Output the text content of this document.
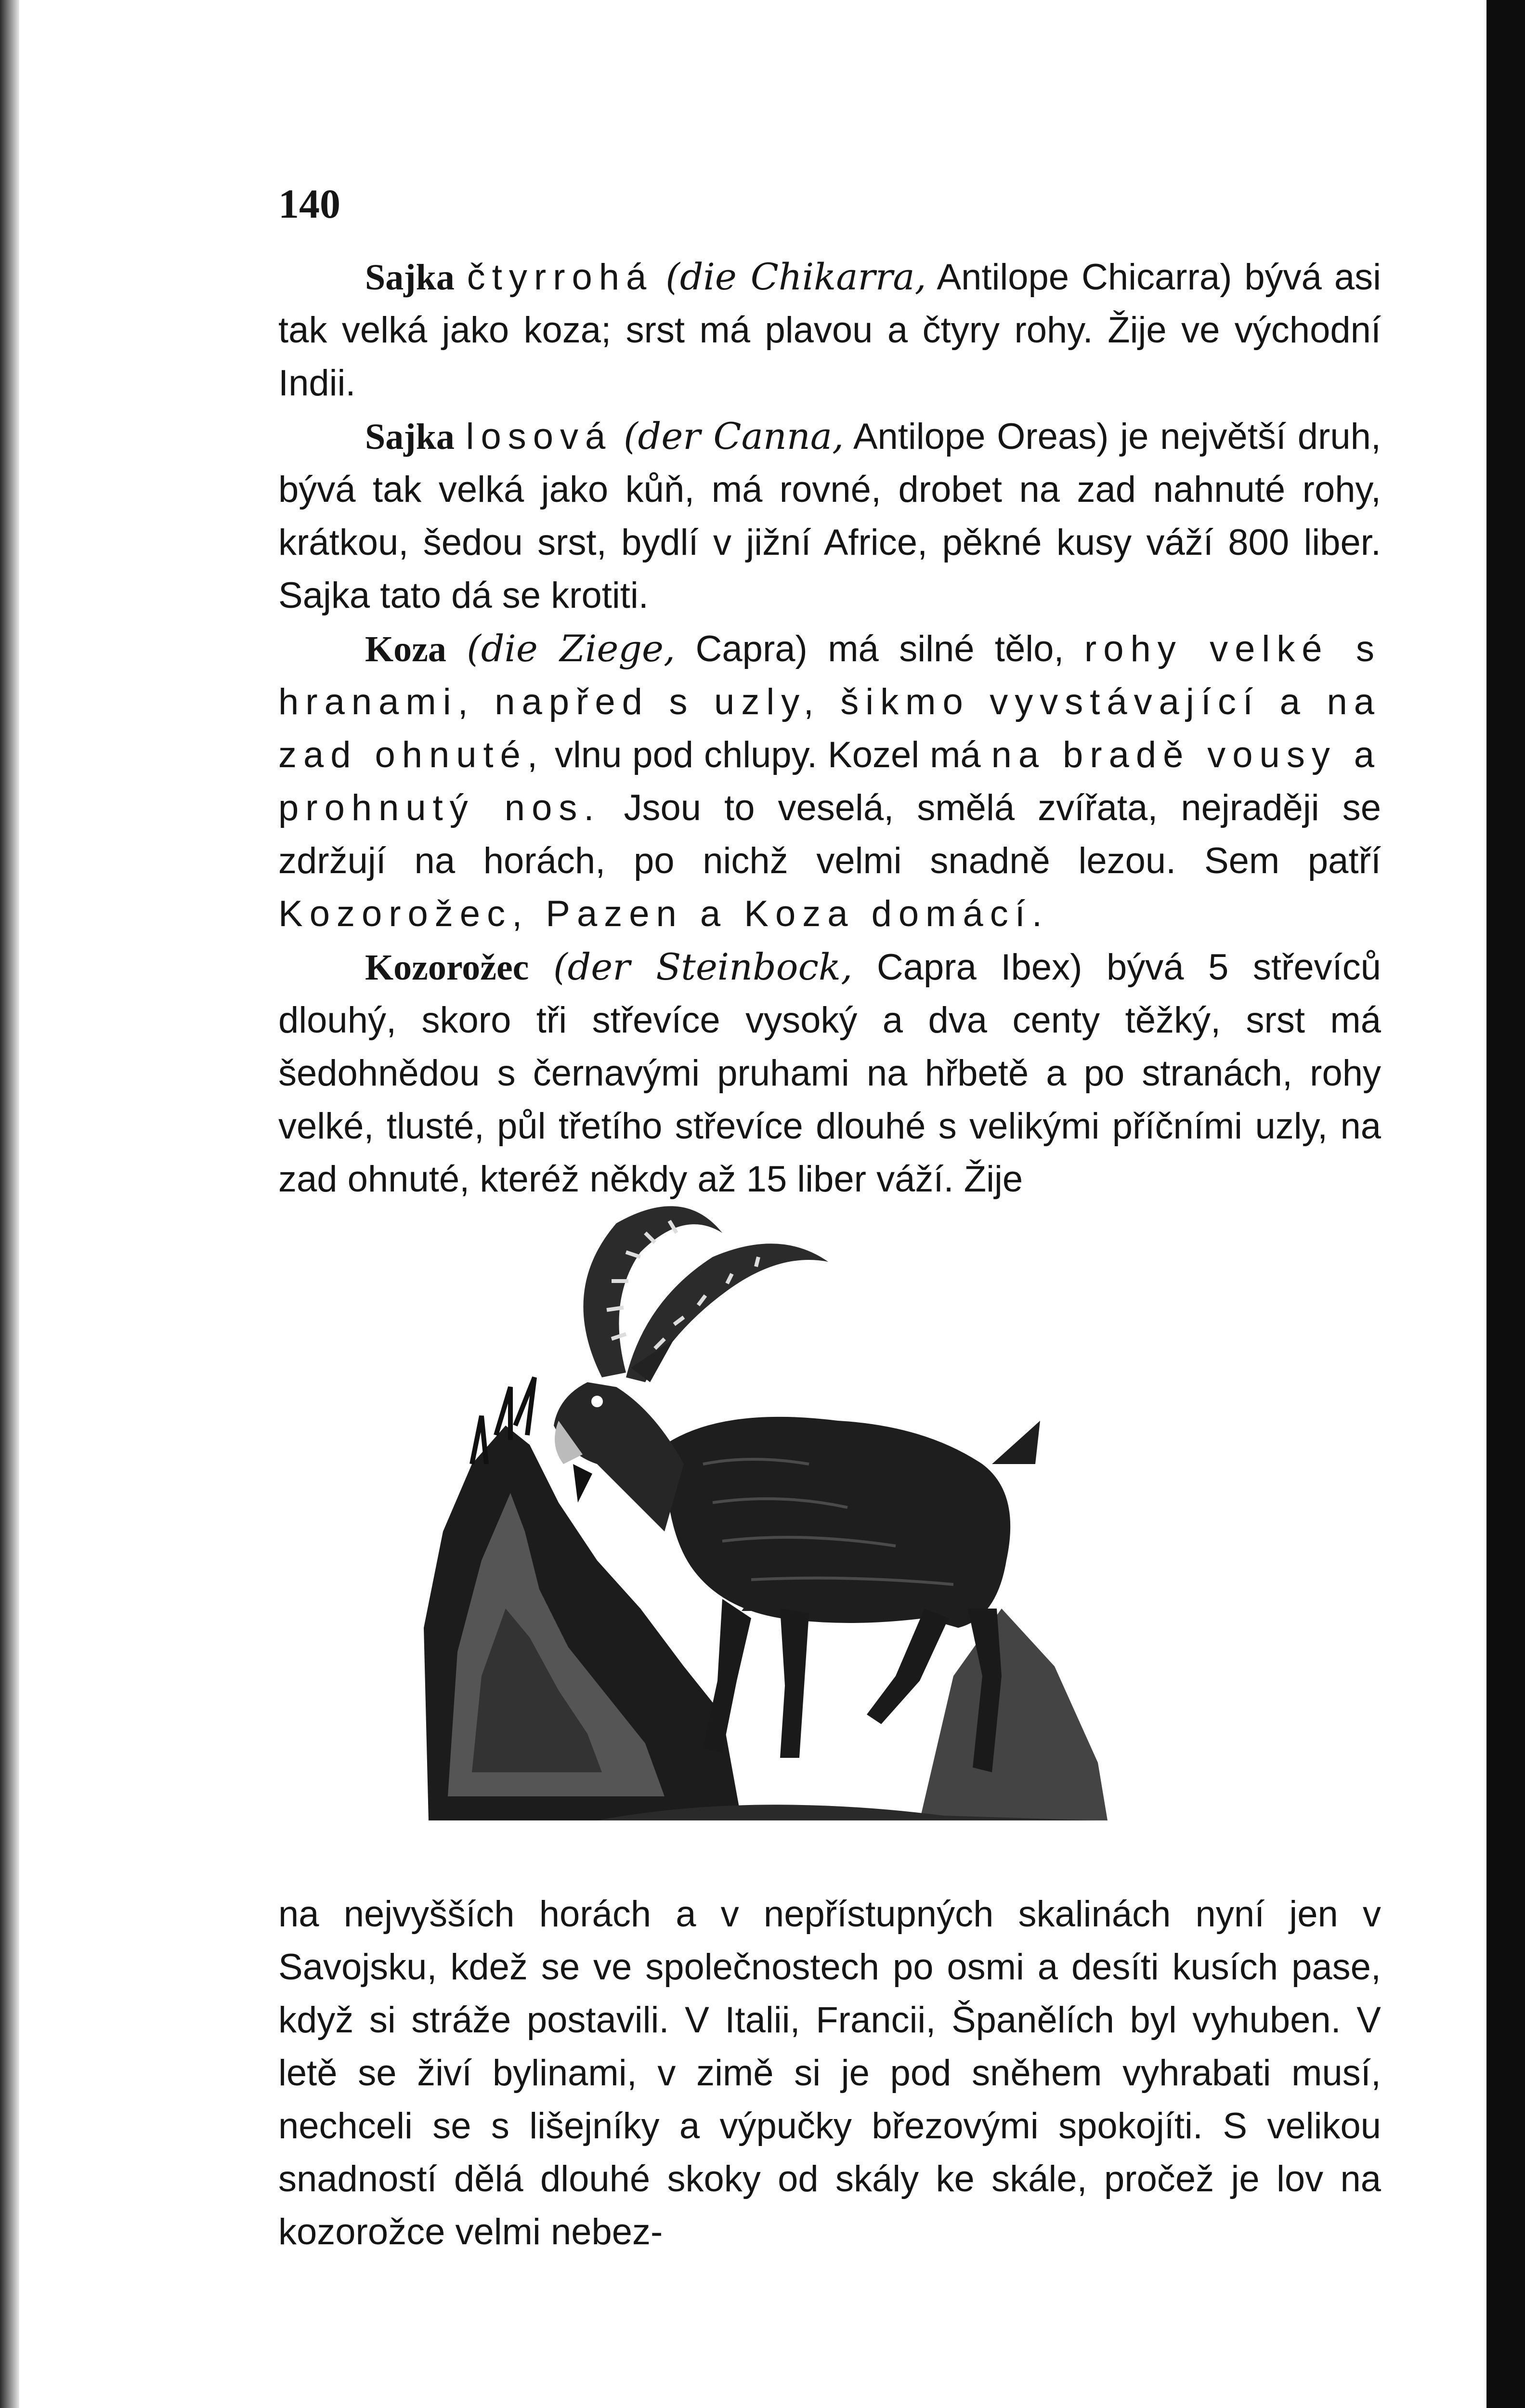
140

Sajka čtyrrohá (die Chikarra, Antilope Chicarra) bývá asi tak velká jako koza; srst má plavou a čtyry rohy. Žije ve východní Indii.

Sajka losová (der Canna, Antilope Oreas) je největší druh, bývá tak velká jako kůň, má rovné, drobet na zad nahnuté rohy, krátkou, šedou srst, bydlí v jižní Africe, pěkné kusy váží 800 liber. Sajka tato dá se krotiti.

Koza (die Ziege, Capra) má silné tělo, rohy velké s hranami, napřed s uzly, šikmo vyvstávající a na zad ohnuté, vlnu pod chlupy. Kozel má na bradě vousy a prohnutý nos. Jsou to veselá, smělá zvířata, nejraději se zdržují na horách, po nichž velmi snadně lezou. Sem patří Kozorožec, Pazen a Koza domácí.

Kozorožec (der Steinbock, Capra Ibex) bývá 5 střevíců dlouhý, skoro tři střevíce vysoký a dva centy těžký, srst má šedohnědou s černavými pruhami na hřbetě a po stranách, rohy velké, tlusté, půl třetího střevíce dlouhé s velikými příčními uzly, na zad ohnuté, kteréž někdy až 15 liber váží. Žije

na nejvyšších horách a v nepřístupných skalinách nyní jen v Savojsku, kdež se ve společnostech po osmi a desíti kusích pase, když si stráže postavili. V Italii, Francii, Španělích byl vyhuben. V letě se živí bylinami, v zimě si je pod sněhem vyhrabati musí, nechceli se s lišejníky a výpučky březovými spokojíti. S velikou snadností dělá dlouhé skoky od skály ke skále, pročež je lov na kozorožce velmi nebez-
